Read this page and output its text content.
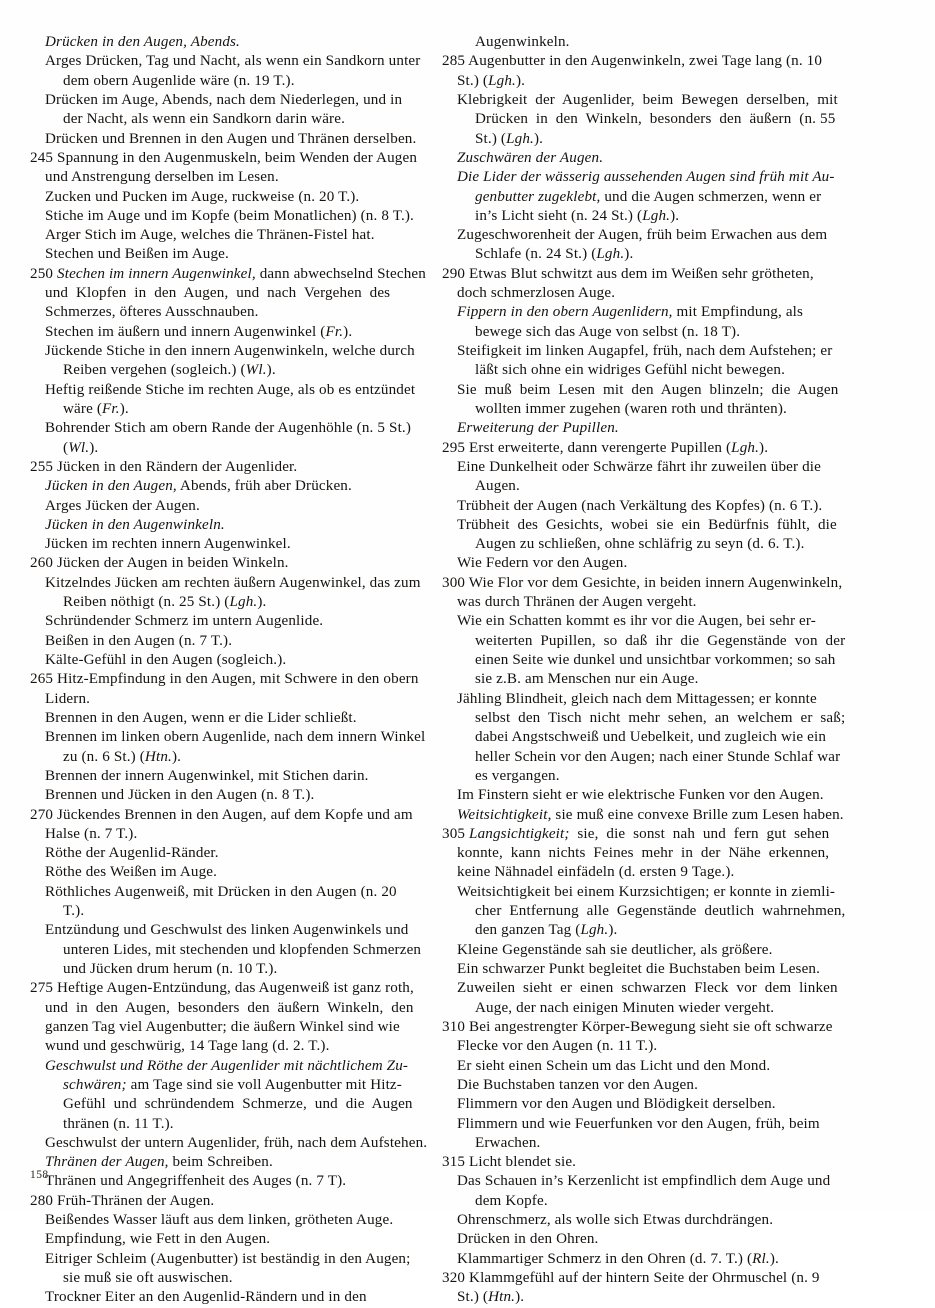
Drücken in den Augen, Abends.
Arges Drücken, Tag und Nacht, als wenn ein Sandkorn unter
dem obern Augenlide wäre (n. 19 T.).
Drücken im Auge, Abends, nach dem Niederlegen, und in
der Nacht, als wenn ein Sandkorn darin wäre.
Drücken und Brennen in den Augen und Thränen derselben.
245 Spannung in den Augenmuskeln, beim Wenden der Augen
und Anstrengung derselben im Lesen.
Zucken und Pucken im Auge, ruckweise (n. 20 T.).
Stiche im Auge und im Kopfe (beim Monatlichen) (n. 8 T.).
Arger Stich im Auge, welches die Thränen-Fistel hat.
Stechen und Beißen im Auge.
250 Stechen im innern Augenwinkel, dann abwechselnd Stechen
und  Klopfen  in  den  Augen,  und  nach  Vergehen  des
Schmerzes, öfteres Ausschnauben.
Stechen im äußern und innern Augenwinkel (Fr.).
Jückende Stiche in den innern Augenwinkeln, welche durch
Reiben vergehen (sogleich.) (Wl.).
Heftig reißende Stiche im rechten Auge, als ob es entzündet
wäre (Fr.).
Bohrender Stich am obern Rande der Augenhöhle (n. 5 St.)
(Wl.).
255 Jücken in den Rändern der Augenlider.
Jücken in den Augen, Abends, früh aber Drücken.
Arges Jücken der Augen.
Jücken in den Augenwinkeln.
Jücken im rechten innern Augenwinkel.
260 Jücken der Augen in beiden Winkeln.
Kitzelndes Jücken am rechten äußern Augenwinkel, das zum
Reiben nöthigt (n. 25 St.) (Lgh.).
Schründender Schmerz im untern Augenlide.
Beißen in den Augen (n. 7 T.).
Kälte-Gefühl in den Augen (sogleich.).
265 Hitz-Empfindung in den Augen, mit Schwere in den obern
Lidern.
Brennen in den Augen, wenn er die Lider schließt.
Brennen im linken obern Augenlide, nach dem innern Winkel
zu (n. 6 St.) (Htn.).
Brennen der innern Augenwinkel, mit Stichen darin.
Brennen und Jücken in den Augen (n. 8 T.).
270 Jückendes Brennen in den Augen, auf dem Kopfe und am
Halse (n. 7 T.).
Röthe der Augenlid-Ränder.
Röthe des Weißen im Auge.
Röthliches Augenweiß, mit Drücken in den Augen (n. 20
T.).
Entzündung und Geschwulst des linken Augenwinkels und
unteren Lides, mit stechenden und klopfenden Schmerzen
und Jücken drum herum (n. 10 T.).
275 Heftige Augen-Entzündung, das Augenweiß ist ganz roth,
und  in  den  Augen,  besonders  den  äußern  Winkeln,  den
ganzen Tag viel Augenbutter; die äußern Winkel sind wie
wund und geschwürig, 14 Tage lang (d. 2. T.).
Geschwulst und Röthe der Augenlider mit nächtlichem Zu-
schwären; am Tage sind sie voll Augenbutter mit Hitz-
Gefühl  und  schründendem  Schmerze,  und  die  Augen
thränen (n. 11 T.).
Geschwulst der untern Augenlider, früh, nach dem Aufstehen.
Thränen der Augen, beim Schreiben.
Thränen und Angegriffenheit des Auges (n. 7 T).
280 Früh-Thränen der Augen.
Beißendes Wasser läuft aus dem linken, grötheten Auge.
Empfindung, wie Fett in den Augen.
Eitriger Schleim (Augenbutter) ist beständig in den Augen;
sie muß sie oft auswischen.
Trockner Eiter an den Augenlid-Rändern und in den
Augenwinkeln.
285 Augenbutter in den Augenwinkeln, zwei Tage lang (n. 10
St.) (Lgh.).
Klebrigkeit  der  Augenlider,  beim  Bewegen  derselben,  mit
Drücken  in  den  Winkeln,  besonders  den  äußern  (n. 55
St.) (Lgh.).
Zuschwären der Augen.
Die Lider der wässerig aussehenden Augen sind früh mit Au-
genbutter zugeklebt, und die Augen schmerzen, wenn er
in’s Licht sieht (n. 24 St.) (Lgh.).
Zugeschworenheit der Augen, früh beim Erwachen aus dem
Schlafe (n. 24 St.) (Lgh.).
290 Etwas Blut schwitzt aus dem im Weißen sehr grötheten,
doch schmerzlosen Auge.
Fippern in den obern Augenlidern, mit Empfindung, als
bewege sich das Auge von selbst (n. 18 T).
Steifigkeit im linken Augapfel, früh, nach dem Aufstehen; er
läßt sich ohne ein widriges Gefühl nicht bewegen.
Sie  muß  beim  Lesen  mit  den  Augen  blinzeln;  die  Augen
wollten immer zugehen (waren roth und thränten).
Erweiterung der Pupillen.
295 Erst erweiterte, dann verengerte Pupillen (Lgh.).
Eine Dunkelheit oder Schwärze fährt ihr zuweilen über die
Augen.
Trübheit der Augen (nach Verkältung des Kopfes) (n. 6 T.).
Trübheit  des  Gesichts,  wobei  sie  ein  Bedürfnis  fühlt,  die
Augen zu schließen, ohne schläfrig zu seyn (d. 6. T.).
Wie Federn vor den Augen.
300 Wie Flor vor dem Gesichte, in beiden innern Augenwinkeln,
was durch Thränen der Augen vergeht.
Wie ein Schatten kommt es ihr vor die Augen, bei sehr er-
weiterten  Pupillen,  so  daß  ihr  die  Gegenstände  von  der
einen Seite wie dunkel und unsichtbar vorkommen; so sah
sie z.B. am Menschen nur ein Auge.
Jähling Blindheit, gleich nach dem Mittagessen; er konnte
selbst  den  Tisch  nicht  mehr  sehen,  an  welchem  er  saß;
dabei Angstschweiß und Uebelkeit, und zugleich wie ein
heller Schein vor den Augen; nach einer Stunde Schlaf war
es vergangen.
Im Finstern sieht er wie elektrische Funken vor den Augen.
Weitsichtigkeit, sie muß eine convexe Brille zum Lesen haben.
305 Langsichtigkeit;  sie,  die  sonst  nah  und  fern  gut  sehen
konnte,  kann  nichts  Feines  mehr  in  der  Nähe  erkennen,
keine Nähnadel einfädeln (d. ersten 9 Tage.).
Weitsichtigkeit bei einem Kurzsichtigen; er konnte in ziemli-
cher  Entfernung  alle  Gegenstände  deutlich  wahrnehmen,
den ganzen Tag (Lgh.).
Kleine Gegenstände sah sie deutlicher, als größere.
Ein schwarzer Punkt begleitet die Buchstaben beim Lesen.
Zuweilen  sieht  er  einen  schwarzen  Fleck  vor  dem  linken
Auge, der nach einigen Minuten wieder vergeht.
310 Bei angestrengter Körper-Bewegung sieht sie oft schwarze
Flecke vor den Augen (n. 11 T.).
Er sieht einen Schein um das Licht und den Mond.
Die Buchstaben tanzen vor den Augen.
Flimmern vor den Augen und Blödigkeit derselben.
Flimmern und wie Feuerfunken vor den Augen, früh, beim
Erwachen.
315 Licht blendet sie.
Das Schauen in’s Kerzenlicht ist empfindlich dem Auge und
dem Kopfe.
Ohrenschmerz, als wolle sich Etwas durchdrängen.
Drücken in den Ohren.
Klammartiger Schmerz in den Ohren (d. 7. T.) (Rl.).
320 Klammgefühl auf der hintern Seite der Ohrmuschel (n. 9
St.) (Htn.).
158
